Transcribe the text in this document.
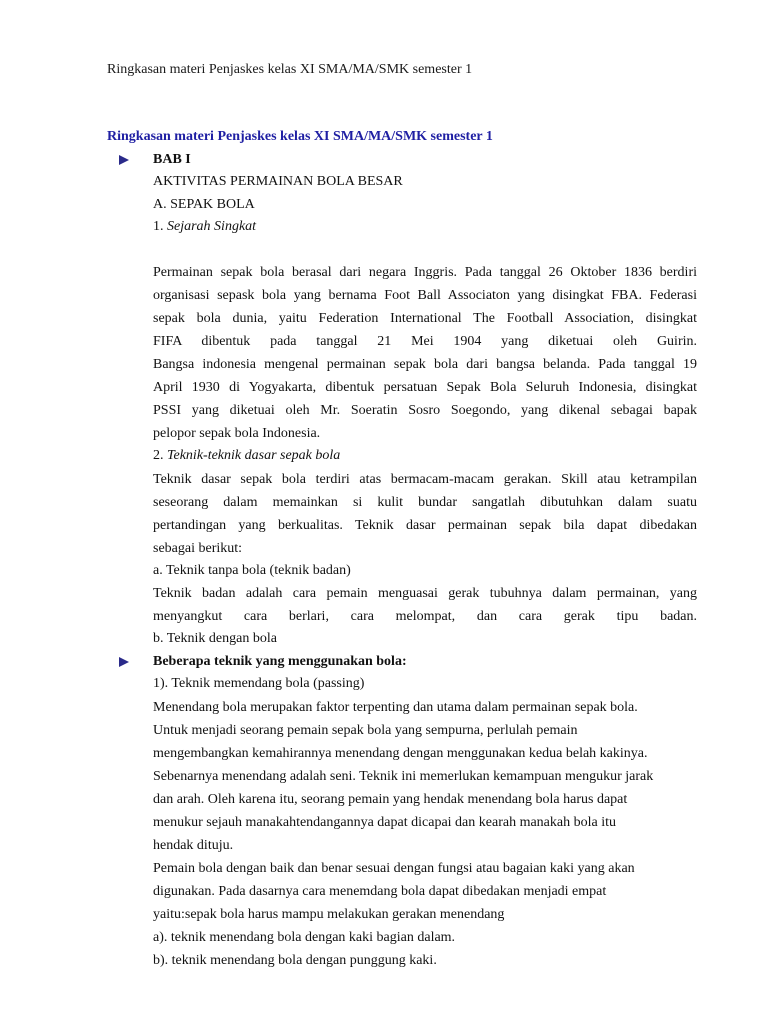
Ringkasan materi Penjaskes kelas XI SMA/MA/SMK semester 1
Ringkasan materi Penjaskes kelas XI SMA/MA/SMK semester 1
BAB I
AKTIVITAS PERMAINAN BOLA BESAR
A. SEPAK BOLA
1. Sejarah Singkat
Permainan sepak bola berasal dari negara Inggris. Pada tanggal 26 Oktober 1836 berdiri
organisasi sepask bola yang bernama Foot Ball Associaton yang disingkat FBA. Federasi
sepak bola dunia, yaitu Federation International The Football Association, disingkat
FIFA dibentuk pada tanggal 21 Mei 1904 yang diketuai oleh Guirin.
Bangsa indonesia mengenal permainan sepak bola dari bangsa belanda. Pada tanggal 19
April 1930 di Yogyakarta, dibentuk persatuan Sepak Bola Seluruh Indonesia, disingkat
PSSI yang diketuai oleh Mr. Soeratin Sosro Soegondo, yang dikenal sebagai bapak
pelopor sepak bola Indonesia.
2. Teknik-teknik dasar sepak bola
Teknik dasar sepak bola terdiri atas bermacam-macam gerakan. Skill atau ketrampilan
seseorang dalam memainkan si kulit bundar sangatlah dibutuhkan dalam suatu
pertandingan yang berkualitas. Teknik dasar permainan sepak bila dapat dibedakan
sebagai berikut:
a. Teknik tanpa bola (teknik badan)
Teknik badan adalah cara pemain menguasai gerak tubuhnya dalam permainan, yang
menyangkut cara berlari, cara melompat, dan cara gerak tipu badan.
b. Teknik dengan bola
Beberapa teknik yang menggunakan bola:
1). Teknik memendang bola (passing)
Menendang bola merupakan faktor terpenting dan utama dalam permainan sepak bola.
Untuk menjadi seorang pemain sepak bola yang sempurna, perlulah pemain
mengembangkan kemahirannya menendang dengan menggunakan kedua belah kakinya.
Sebenarnya menendang adalah seni. Teknik ini memerlukan kemampuan mengukur jarak
dan arah. Oleh karena itu, seorang pemain yang hendak menendang bola harus dapat
menukur sejauh manakahtendangannya dapat dicapai dan kearah manakah bola itu
hendak dituju.
Pemain bola dengan baik dan benar sesuai dengan fungsi atau bagaian kaki yang akan
digunakan. Pada dasarnya cara menemdang bola dapat dibedakan menjadi empat
yaitu:sepak bola harus mampu melakukan gerakan menendang
a). teknik menendang bola dengan kaki bagian dalam.
b). teknik menendang bola dengan punggung kaki.
